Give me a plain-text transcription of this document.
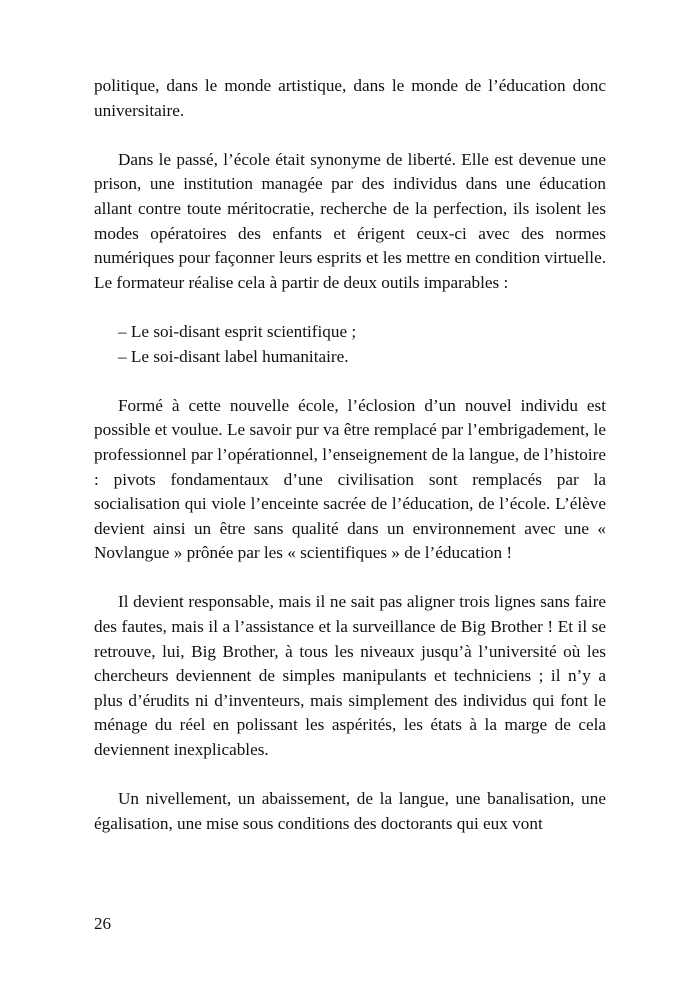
politique, dans le monde artistique, dans le monde de l’éducation donc universitaire.

Dans le passé, l’école était synonyme de liberté. Elle est devenue une prison, une institution managée par des individus dans une éducation allant contre toute méritocratie, recherche de la perfection, ils isolent les modes opératoires des enfants et érigent ceux-ci avec des normes numériques pour façonner leurs esprits et les mettre en condition virtuelle. Le formateur réalise cela à partir de deux outils imparables :

– Le soi-disant esprit scientifique ;
– Le soi-disant label humanitaire.

Formé à cette nouvelle école, l’éclosion d’un nouvel individu est possible et voulue. Le savoir pur va être remplacé par l’embrigadement, le professionnel par l’opérationnel, l’enseignement de la langue, de l’histoire : pivots fondamentaux d’une civilisation sont remplacés par la socialisation qui viole l’enceinte sacrée de l’éducation, de l’école. L’élève devient ainsi un être sans qualité dans un environnement avec une « Novlangue » prônée par les « scientifiques » de l’éducation !

Il devient responsable, mais il ne sait pas aligner trois lignes sans faire des fautes, mais il a l’assistance et la surveillance de Big Brother ! Et il se retrouve, lui, Big Brother, à tous les niveaux jusqu’à l’université où les chercheurs deviennent de simples manipulants et techniciens ; il n’y a plus d’érudits ni d’inventeurs, mais simplement des individus qui font le ménage du réel en polissant les aspérités, les états à la marge de cela deviennent inexplicables.

Un nivellement, un abaissement, de la langue, une banalisation, une égalisation, une mise sous conditions des doctorants qui eux vont

26
